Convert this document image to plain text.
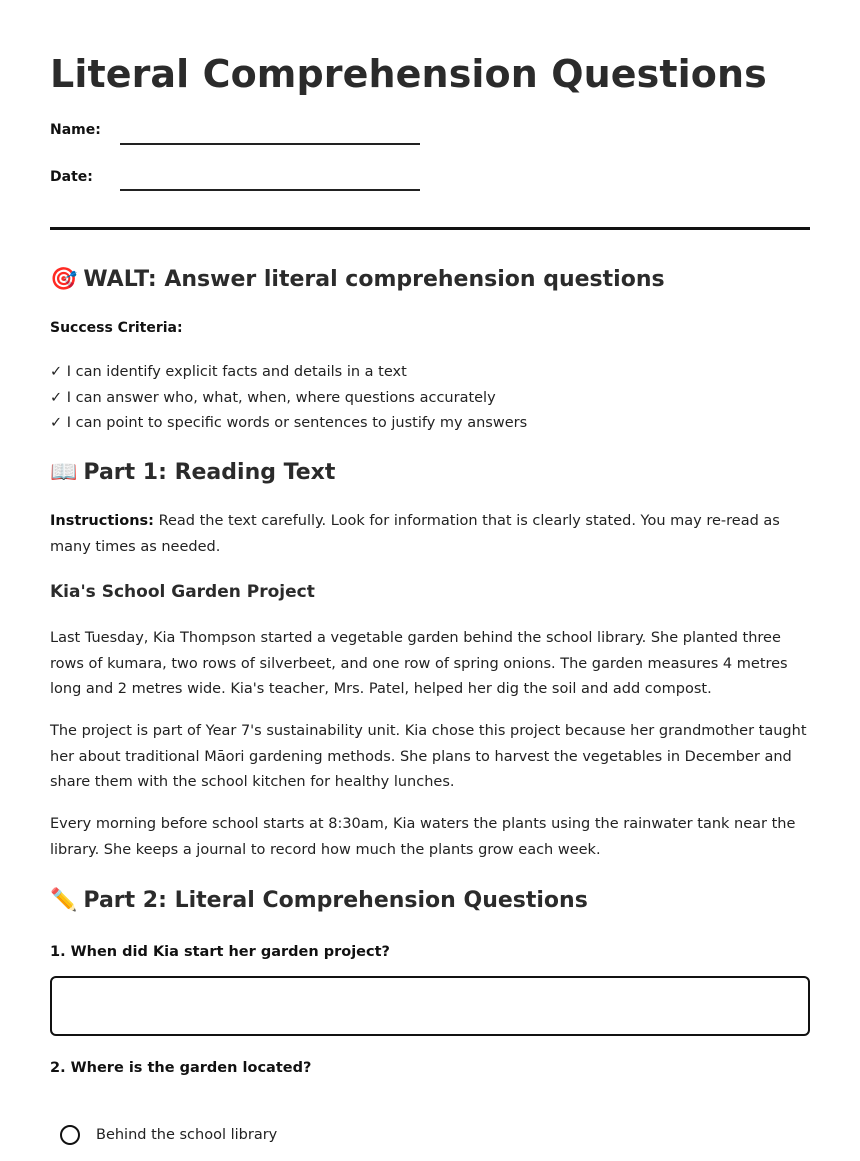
Literal Comprehension Questions
Name:
Date:
🎯 WALT: Answer literal comprehension questions
Success Criteria:
✓ I can identify explicit facts and details in a text
✓ I can answer who, what, when, where questions accurately
✓ I can point to specific words or sentences to justify my answers
📖 Part 1: Reading Text
Instructions: Read the text carefully. Look for information that is clearly stated. You may re-read as many times as needed.
Kia's School Garden Project
Last Tuesday, Kia Thompson started a vegetable garden behind the school library. She planted three rows of kumara, two rows of silverbeet, and one row of spring onions. The garden measures 4 metres long and 2 metres wide. Kia's teacher, Mrs. Patel, helped her dig the soil and add compost.
The project is part of Year 7's sustainability unit. Kia chose this project because her grandmother taught her about traditional Māori gardening methods. She plans to harvest the vegetables in December and share them with the school kitchen for healthy lunches.
Every morning before school starts at 8:30am, Kia waters the plants using the rainwater tank near the library. She keeps a journal to record how much the plants grow each week.
✏️ Part 2: Literal Comprehension Questions
1. When did Kia start her garden project?
2. Where is the garden located?
Behind the school library
